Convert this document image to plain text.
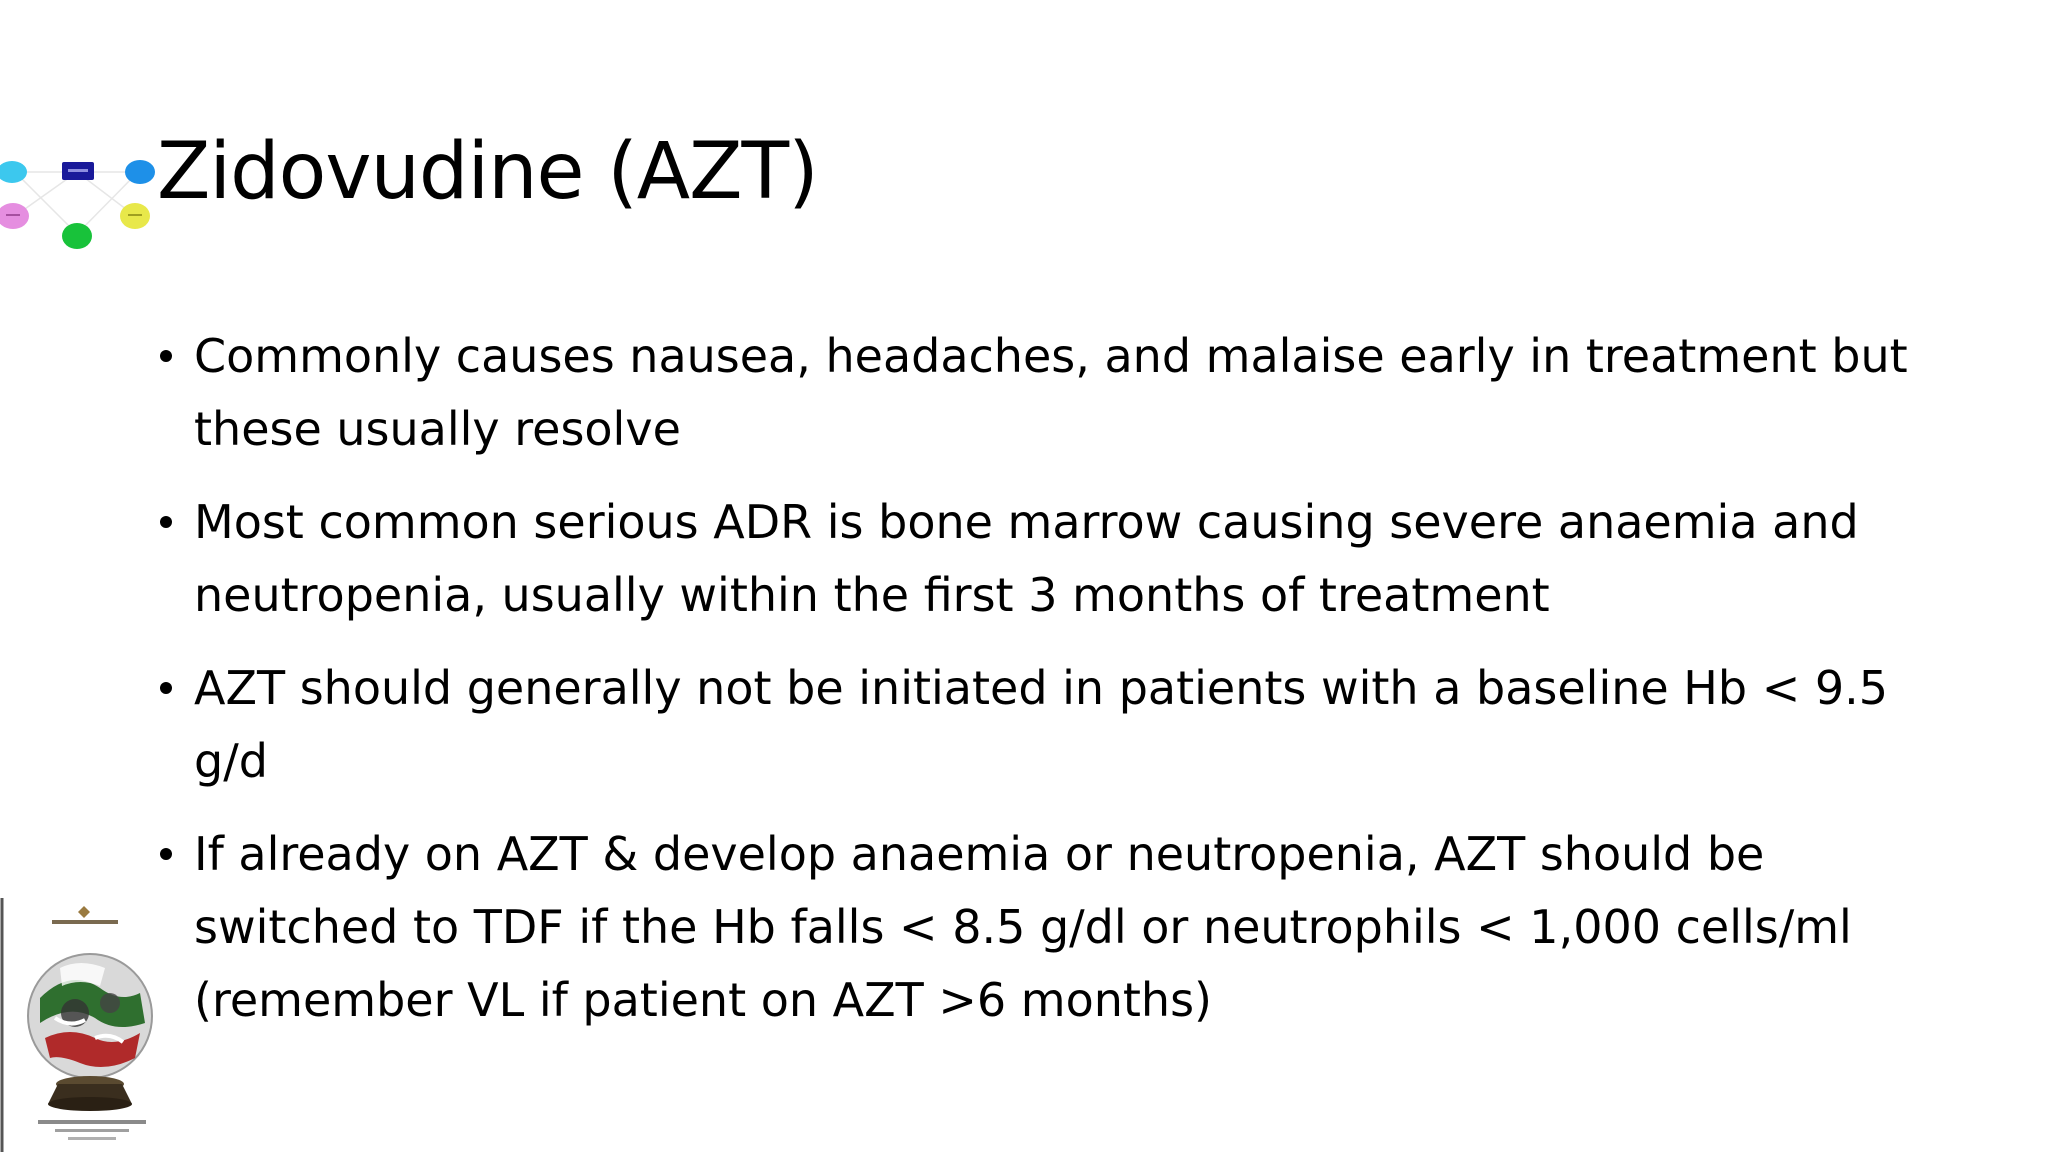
Zidovudine (AZT)
Commonly causes nausea, headaches, and malaise early in treatment but these usually resolve
Most common serious ADR is bone marrow causing severe anaemia and neutropenia, usually within the first 3 months of treatment
AZT should generally not be initiated in patients with a baseline Hb < 9.5 g/d
If already on AZT & develop anaemia or neutropenia, AZT should be switched to TDF if the Hb falls < 8.5 g/dl or neutrophils < 1,000 cells/ml (remember VL if patient on AZT >6 months)
